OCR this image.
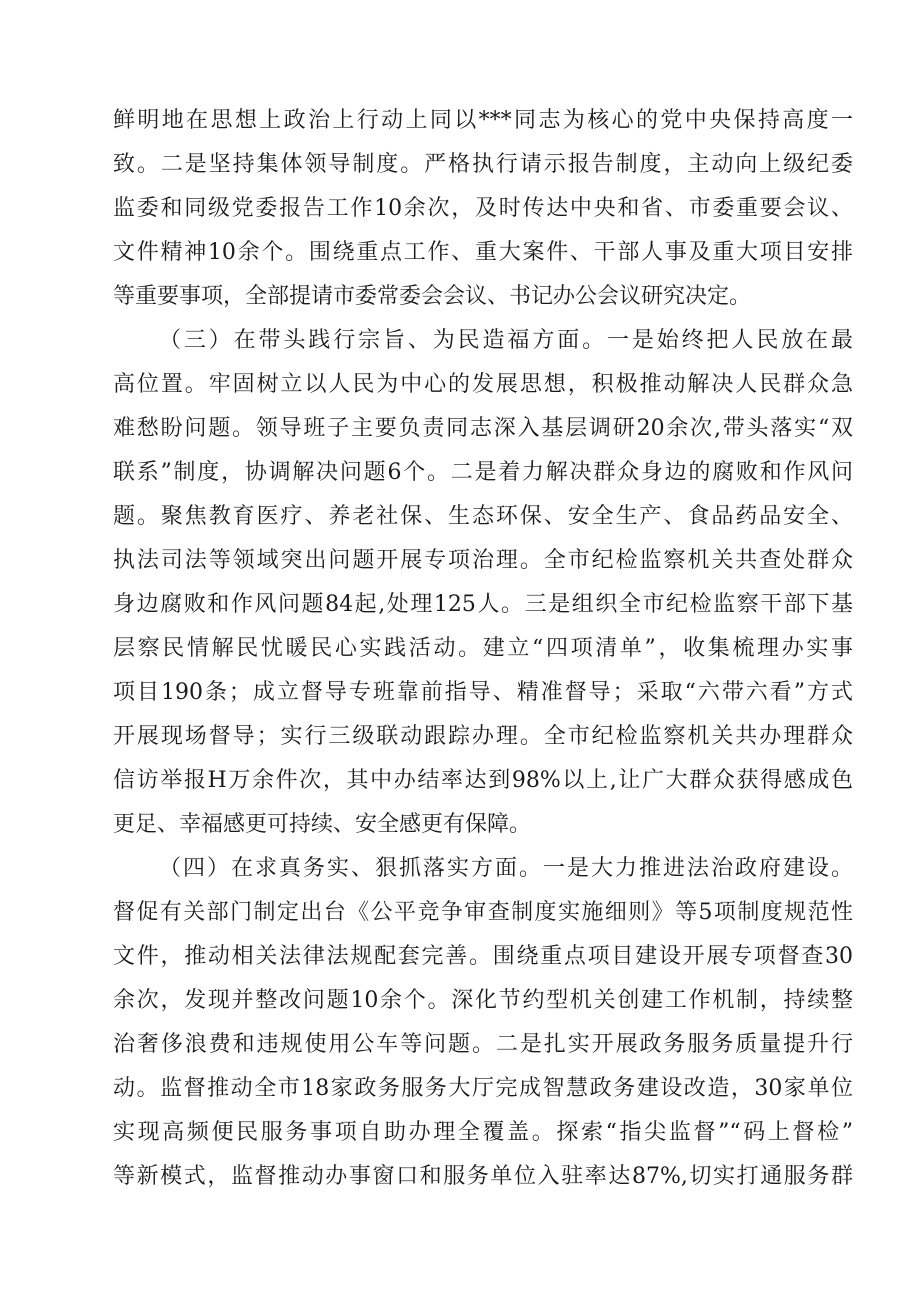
鲜明地在思想上政治上行动上同以***同志为核心的党中央保持高度一
致。二是坚持集体领导制度。严格执行请示报告制度，主动向上级纪委
监委和同级党委报告工作10余次，及时传达中央和省、市委重要会议、
文件精神10余个。围绕重点工作、重大案件、干部人事及重大项目安排
等重要事项，全部提请市委常委会会议、书记办公会议研究决定。
（三）在带头践行宗旨、为民造福方面。一是始终把人民放在最
高位置。牢固树立以人民为中心的发展思想，积极推动解决人民群众急
难愁盼问题。领导班子主要负责同志深入基层调研20余次,带头落实“双
联系”制度，协调解决问题6个。二是着力解决群众身边的腐败和作风问
题。聚焦教育医疗、养老社保、生态环保、安全生产、食品药品安全、
执法司法等领域突出问题开展专项治理。全市纪检监察机关共查处群众
身边腐败和作风问题84起,处理125人。三是组织全市纪检监察干部下基
层察民情解民忧暖民心实践活动。建立“四项清单”，收集梳理办实事
项目190条；成立督导专班靠前指导、精准督导；采取“六带六看”方式
开展现场督导；实行三级联动跟踪办理。全市纪检监察机关共办理群众
信访举报H万余件次，其中办结率达到98%以上,让广大群众获得感成色
更足、幸福感更可持续、安全感更有保障。
（四）在求真务实、狠抓落实方面。一是大力推进法治政府建设。
督促有关部门制定出台《公平竞争审查制度实施细则》等5项制度规范性
文件，推动相关法律法规配套完善。围绕重点项目建设开展专项督查30
余次，发现并整改问题10余个。深化节约型机关创建工作机制，持续整
治奢侈浪费和违规使用公车等问题。二是扎实开展政务服务质量提升行
动。监督推动全市18家政务服务大厅完成智慧政务建设改造，30家单位
实现高频便民服务事项自助办理全覆盖。探索“指尖监督”“码上督检”
等新模式，监督推动办事窗口和服务单位入驻率达87%,切实打通服务群
